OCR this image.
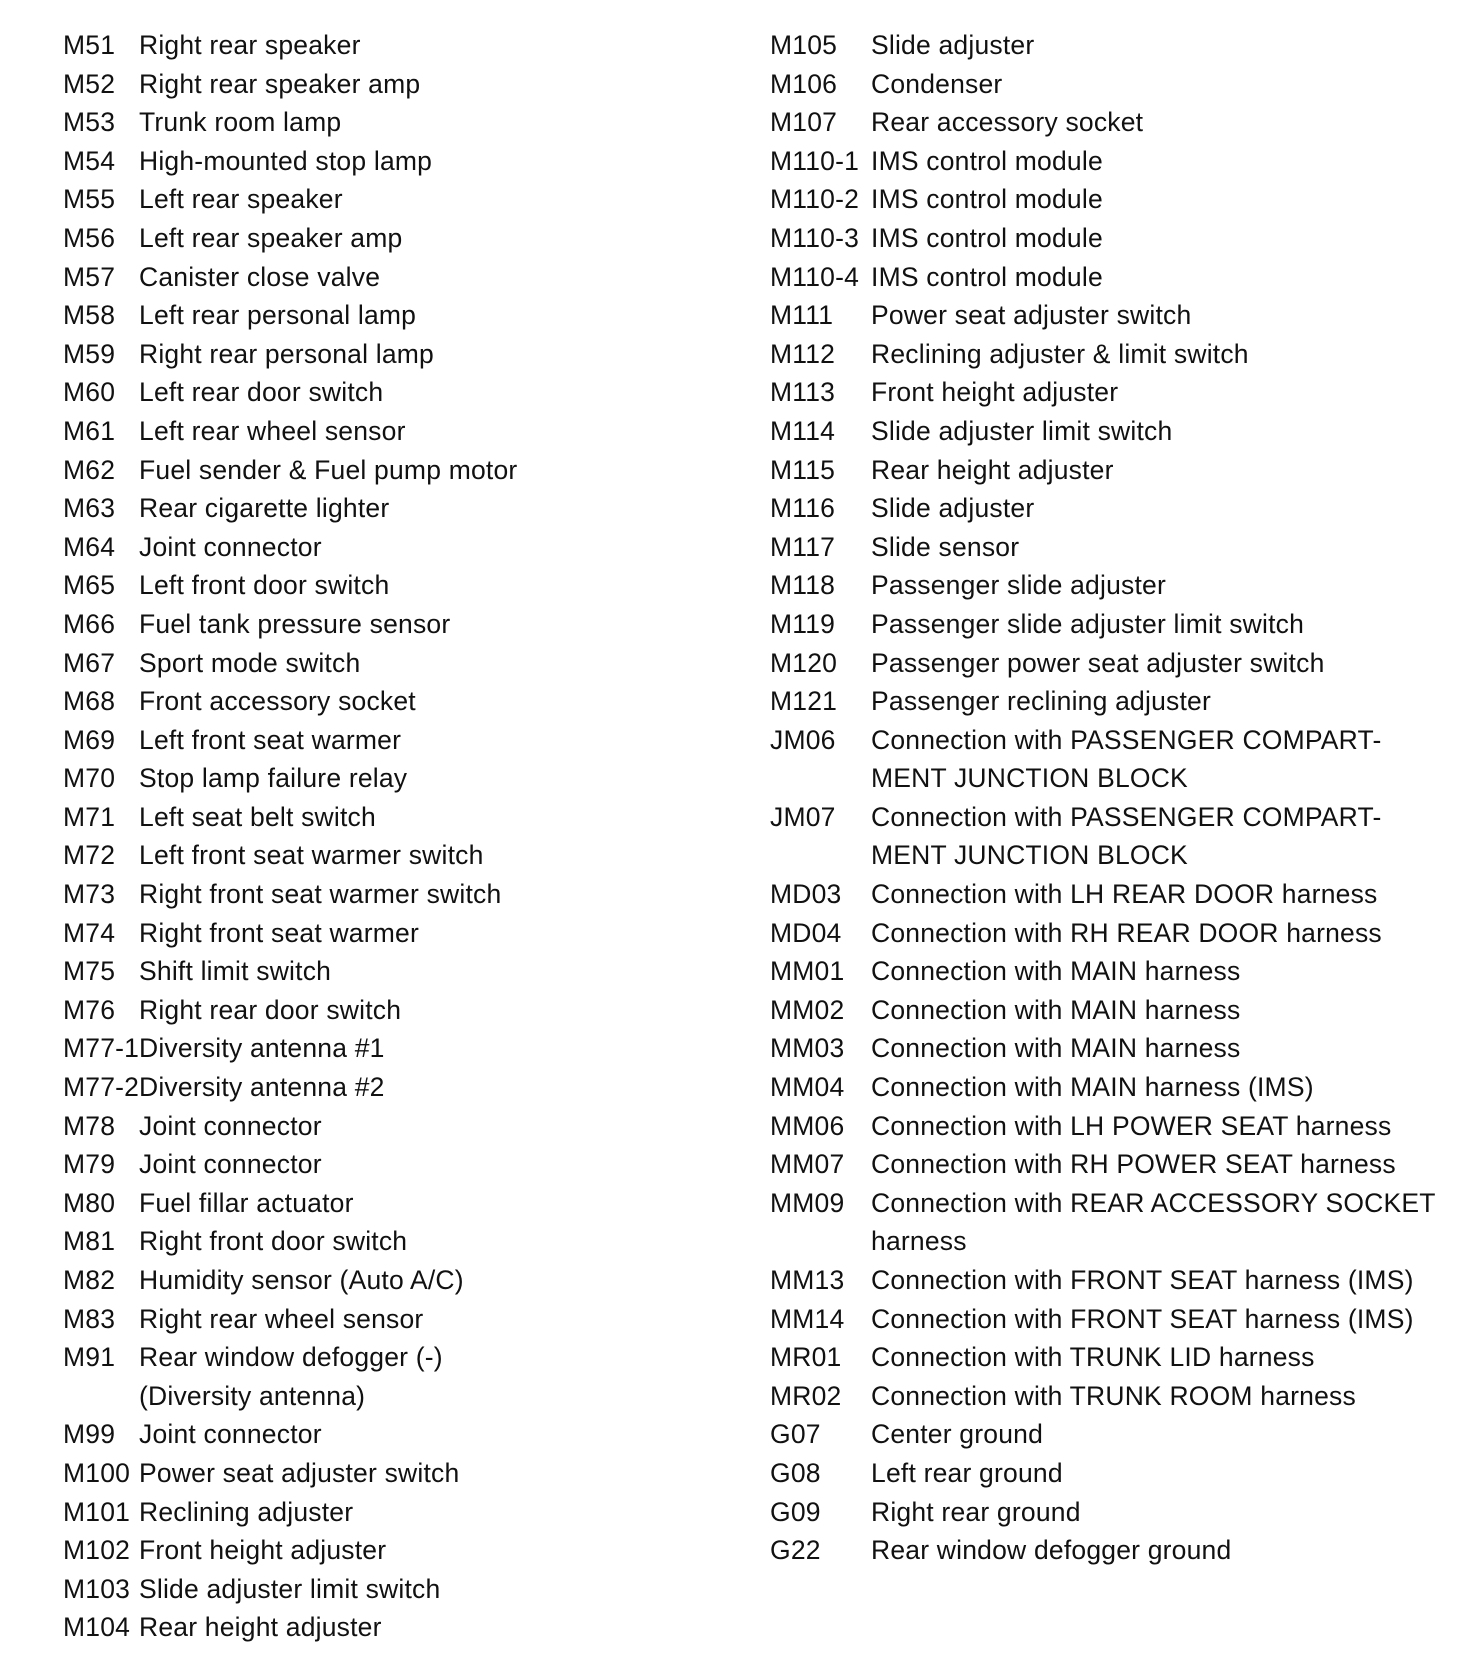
M51 Right rear speaker
M52 Right rear speaker amp
M53 Trunk room lamp
M54 High-mounted stop lamp
M55 Left rear speaker
M56 Left rear speaker amp
M57 Canister close valve
M58 Left rear personal lamp
M59 Right rear personal lamp
M60 Left rear door switch
M61 Left rear wheel sensor
M62 Fuel sender & Fuel pump motor
M63 Rear cigarette lighter
M64 Joint connector
M65 Left front door switch
M66 Fuel tank pressure sensor
M67 Sport mode switch
M68 Front accessory socket
M69 Left front seat warmer
M70 Stop lamp failure relay
M71 Left seat belt switch
M72 Left front seat warmer switch
M73 Right front seat warmer switch
M74 Right front seat warmer
M75 Shift limit switch
M76 Right rear door switch
M77-1 Diversity antenna #1
M77-2 Diversity antenna #2
M78 Joint connector
M79 Joint connector
M80 Fuel fillar actuator
M81 Right front door switch
M82 Humidity sensor (Auto A/C)
M83 Right rear wheel sensor
M91 Rear window defogger (-)
(Diversity antenna)
M99 Joint connector
M100 Power seat adjuster switch
M101 Reclining adjuster
M102 Front height adjuster
M103 Slide adjuster limit switch
M104 Rear height adjuster
M105	Slide adjuster
M106	Condenser
M107	Rear accessory socket
M110-1 IMS control module
M110-2 IMS control module
M110-3 IMS control module
M110-4 IMS control module
M111	Power seat adjuster switch
M112	Reclining adjuster & limit switch
M113	Front height adjuster
M114	Slide adjuster limit switch
M115	Rear height adjuster
M116	Slide adjuster
M117	Slide sensor
M118	Passenger slide adjuster
M119	Passenger slide adjuster limit switch
M120	Passenger power seat adjuster switch
M121	Passenger reclining adjuster
JM06	Connection with PASSENGER COMPART-
MENT JUNCTION BLOCK
JM07	Connection with PASSENGER COMPART-
MENT JUNCTION BLOCK
MD03	Connection with LH REAR DOOR harness
MD04	Connection with RH REAR DOOR harness
MM01	Connection with MAIN harness
MM02	Connection with MAIN harness
MM03	Connection with MAIN harness
MM04	Connection with MAIN harness (IMS)
MM06	Connection with LH POWER SEAT harness
MM07	Connection with RH POWER SEAT harness
MM09	Connection with REAR ACCESSORY SOCKET
harness
MM13	Connection with FRONT SEAT harness (IMS)
MM14	Connection with FRONT SEAT harness (IMS)
MR01	Connection with TRUNK LID harness
MR02	Connection with TRUNK ROOM harness
G07	Center ground
G08	Left rear ground
G09	Right rear ground
G22	Rear window defogger ground
